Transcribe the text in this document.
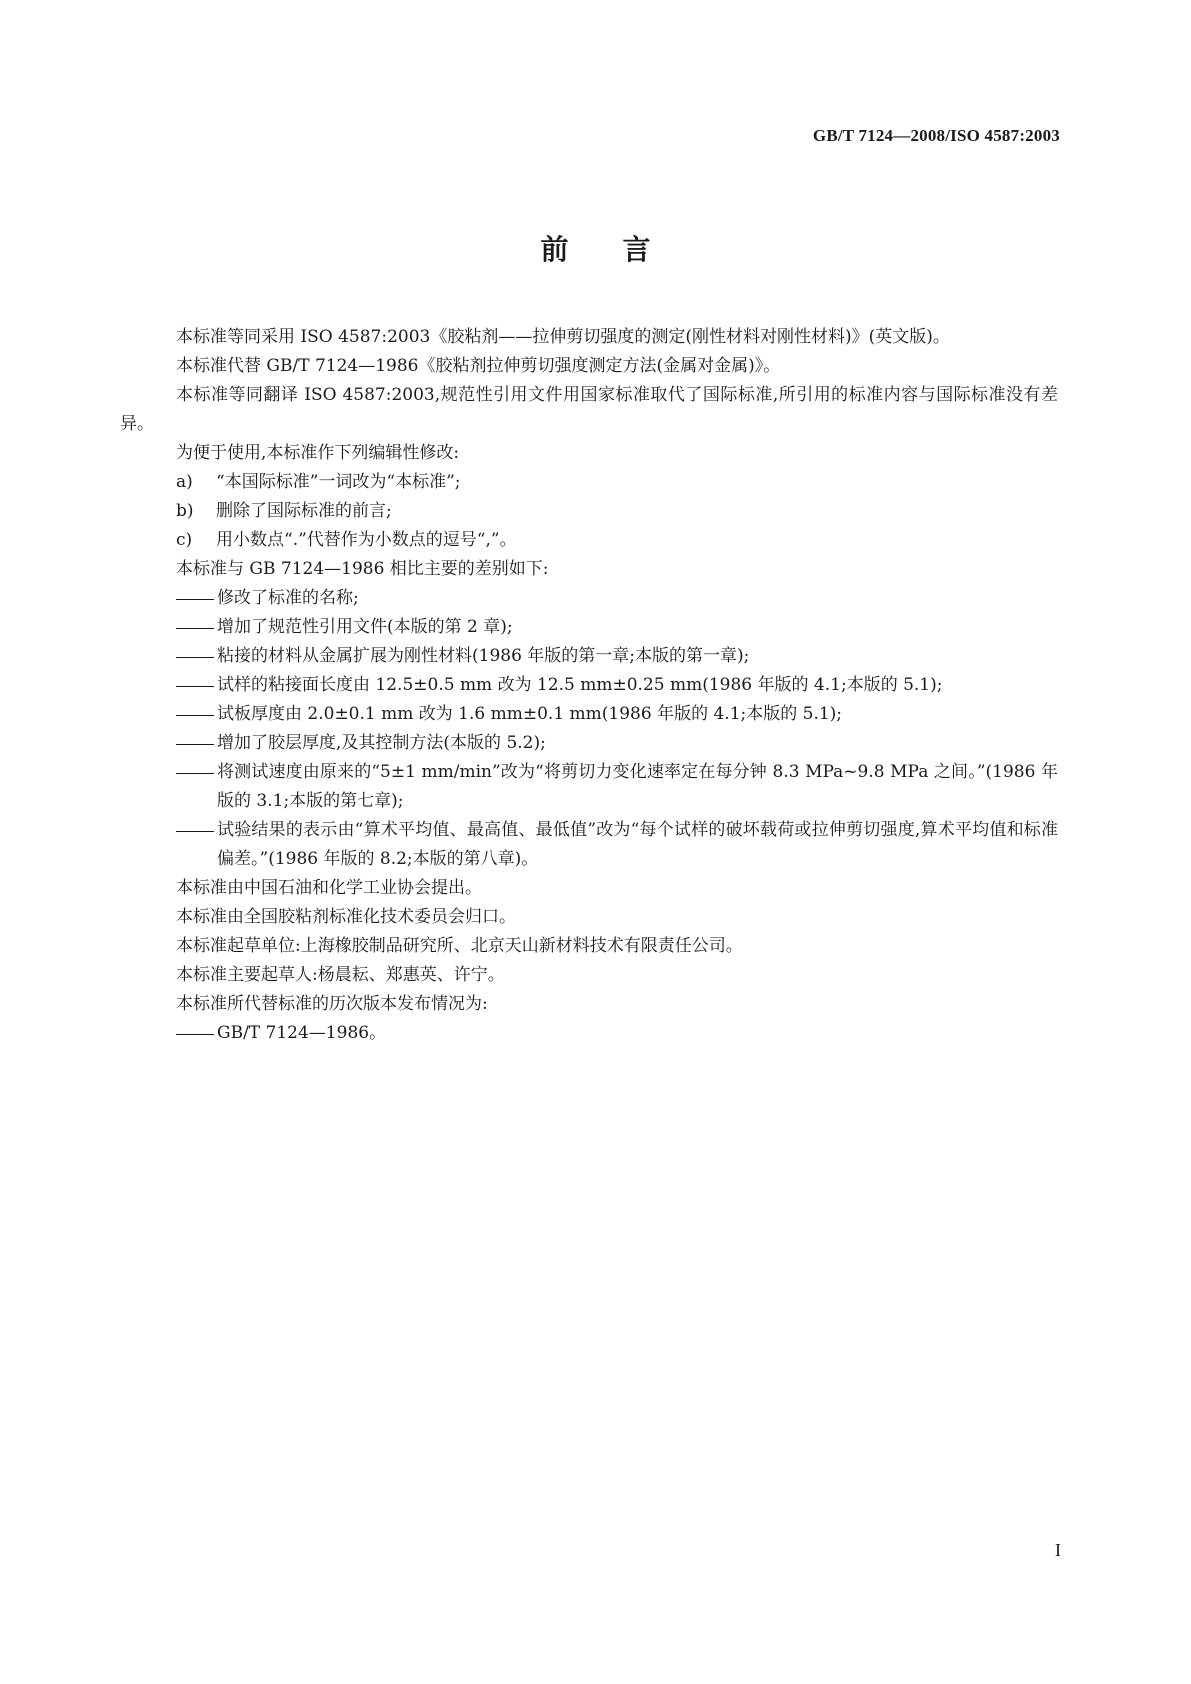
GB/T 7124—2008/ISO 4587:2003
前言

本标准等同采用 ISO 4587:2003《胶粘剂——拉伸剪切强度的测定(刚性材料对刚性材料)》(英文版)。

本标准代替 GB/T 7124—1986《胶粘剂拉伸剪切强度测定方法(金属对金属)》。

本标准等同翻译 ISO 4587:2003,规范性引用文件用国家标准取代了国际标准,所引用的标准内容与国际标准没有差异。

为便于使用,本标准作下列编辑性修改:

a) “本国际标准”一词改为“本标准”;

b) 删除了国际标准的前言;

c) 用小数点“.”代替作为小数点的逗号“,”。

本标准与 GB 7124—1986 相比主要的差别如下:

修改了标准的名称;

增加了规范性引用文件(本版的第 2 章);

粘接的材料从金属扩展为刚性材料(1986 年版的第一章;本版的第一章);

试样的粘接面长度由 12.5±0.5 mm 改为 12.5 mm±0.25 mm(1986 年版的 4.1;本版的 5.1);

试板厚度由 2.0±0.1 mm 改为 1.6 mm±0.1 mm(1986 年版的 4.1;本版的 5.1);

增加了胶层厚度,及其控制方法(本版的 5.2);

将测试速度由原来的“5±1 mm/min”改为“将剪切力变化速率定在每分钟 8.3 MPa~9.8 MPa 之间。”(1986 年版的 3.1;本版的第七章);

试验结果的表示由“算术平均值、最高值、最低值”改为“每个试样的破坏载荷或拉伸剪切强度,算术平均值和标准偏差。”(1986 年版的 8.2;本版的第八章)。

本标准由中国石油和化学工业协会提出。

本标准由全国胶粘剂标准化技术委员会归口。

本标准起草单位:上海橡胶制品研究所、北京天山新材料技术有限责任公司。

本标准主要起草人:杨晨耘、郑惠英、许宁。

本标准所代替标准的历次版本发布情况为:

GB/T 7124—1986。

I
